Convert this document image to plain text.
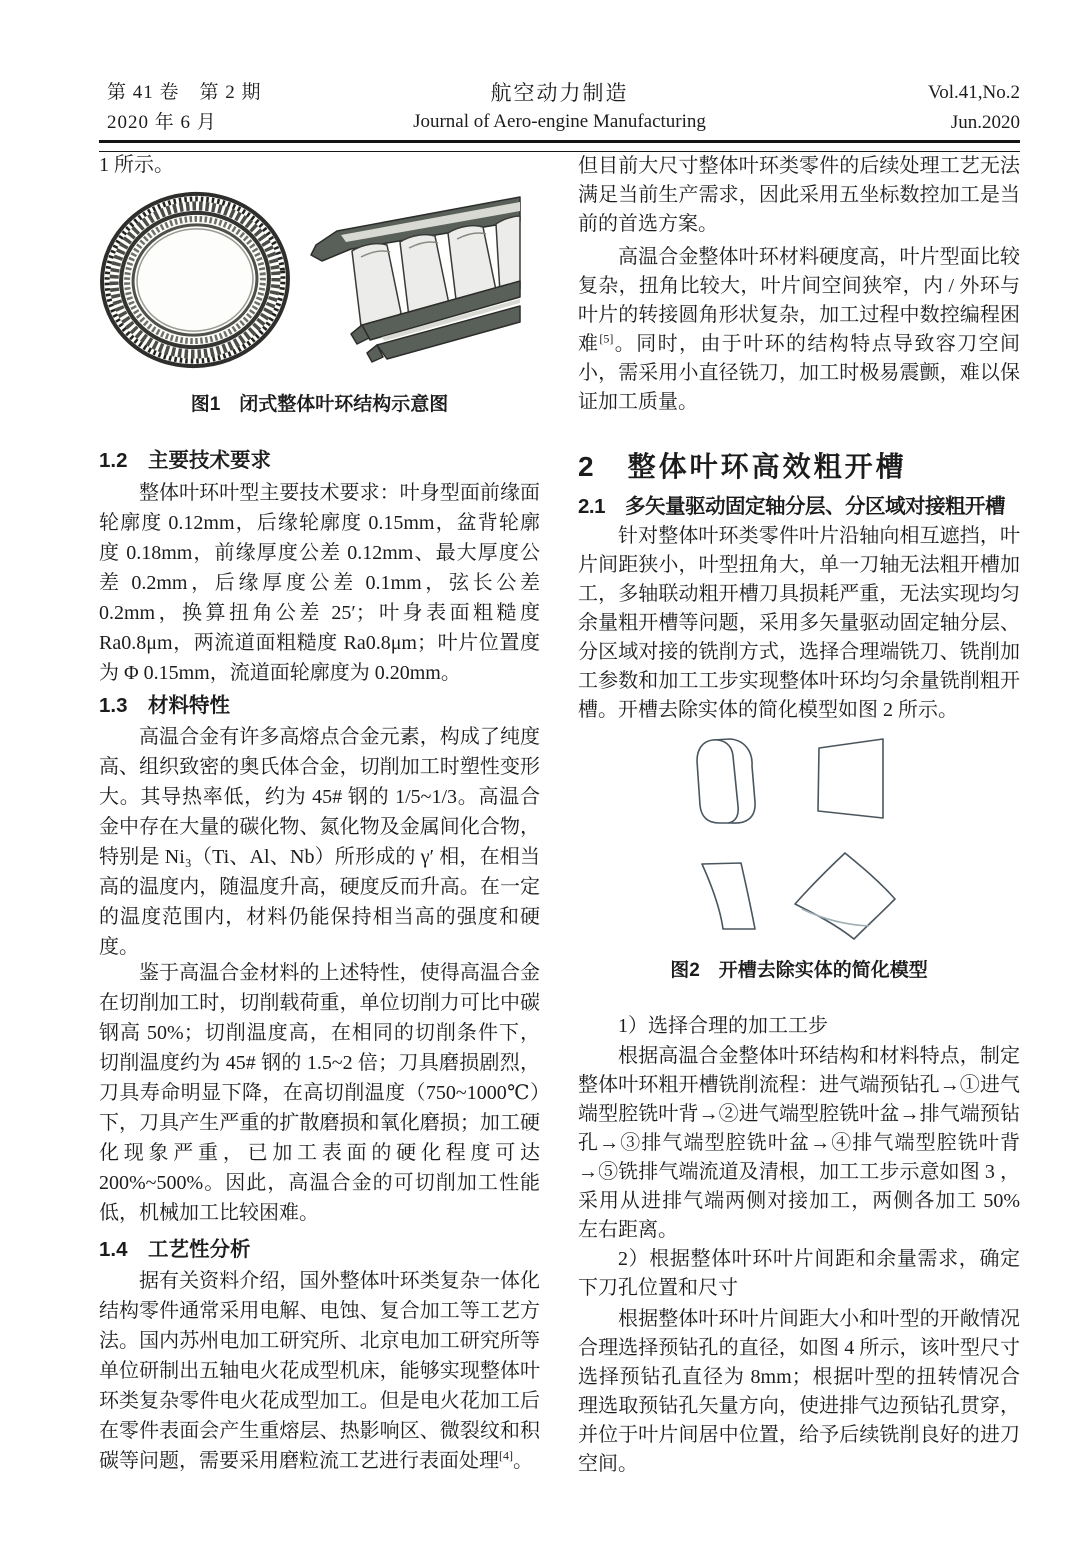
第 41 卷　第 2 期
2020 年 6 月
航空动力制造
Journal of Aero-engine Manufacturing
Vol.41,No.2
Jun.2020

1 所示。

图1　闭式整体叶环结构示意图

1.2　主要技术要求

整体叶环叶型主要技术要求：叶身型面前缘面轮廓度 0.12mm，后缘轮廓度 0.15mm，盆背轮廓度 0.18mm，前缘厚度公差 0.12mm、最大厚度公差 0.2mm，后缘厚度公差 0.1mm，弦长公差 0.2mm，换算扭角公差 25′；叶身表面粗糙度 Ra0.8μm，两流道面粗糙度 Ra0.8μm；叶片位置度为 Φ 0.15mm，流道面轮廓度为 0.20mm。

1.3　材料特性

高温合金有许多高熔点合金元素，构成了纯度高、组织致密的奥氏体合金，切削加工时塑性变形大。其导热率低，约为 45# 钢的 1/5~1/3。高温合金中存在大量的碳化物、氮化物及金属间化合物，特别是 Ni₃（Ti、Al、Nb）所形成的 γ′ 相，在相当高的温度内，随温度升高，硬度反而升高。在一定的温度范围内，材料仍能保持相当高的强度和硬度。

鉴于高温合金材料的上述特性，使得高温合金在切削加工时，切削载荷重，单位切削力可比中碳钢高 50%；切削温度高，在相同的切削条件下，切削温度约为 45# 钢的 1.5~2 倍；刀具磨损剧烈，刀具寿命明显下降，在高切削温度（750~1000℃）下，刀具产生严重的扩散磨损和氧化磨损；加工硬化现象严重，已加工表面的硬化程度可达 200%~500%。因此，高温合金的可切削加工性能低，机械加工比较困难。

1.4　工艺性分析

据有关资料介绍，国外整体叶环类复杂一体化结构零件通常采用电解、电蚀、复合加工等工艺方法。国内苏州电加工研究所、北京电加工研究所等单位研制出五轴电火花成型机床，能够实现整体叶环类复杂零件电火花成型加工。但是电火花加工后在零件表面会产生重熔层、热影响区、微裂纹和积碳等问题，需要采用磨粒流工艺进行表面处理[4]。

但目前大尺寸整体叶环类零件的后续处理工艺无法满足当前生产需求，因此采用五坐标数控加工是当前的首选方案。

高温合金整体叶环材料硬度高，叶片型面比较复杂，扭角比较大，叶片间空间狭窄，内 / 外环与叶片的转接圆角形状复杂，加工过程中数控编程困难[5]。同时，由于叶环的结构特点导致容刀空间小，需采用小直径铣刀，加工时极易震颤，难以保证加工质量。

2　整体叶环高效粗开槽
2.1　多矢量驱动固定轴分层、分区域对接粗开槽

针对整体叶环类零件叶片沿轴向相互遮挡，叶片间距狭小，叶型扭角大，单一刀轴无法粗开槽加工，多轴联动粗开槽刀具损耗严重，无法实现均匀余量粗开槽等问题，采用多矢量驱动固定轴分层、分区域对接的铣削方式，选择合理端铣刀、铣削加工参数和加工工步实现整体叶环均匀余量铣削粗开槽。开槽去除实体的简化模型如图 2 所示。

图2　开槽去除实体的简化模型

1）选择合理的加工工步

根据高温合金整体叶环结构和材料特点，制定整体叶环粗开槽铣削流程：进气端预钻孔→①进气端型腔铣叶背→②进气端型腔铣叶盆→排气端预钻孔→③排气端型腔铣叶盆→④排气端型腔铣叶背→⑤铣排气端流道及清根，加工工步示意如图 3 ，采用从进排气端两侧对接加工，两侧各加工 50% 左右距离。

2）根据整体叶环叶片间距和余量需求，确定下刀孔位置和尺寸

根据整体叶环叶片间距大小和叶型的开敞情况合理选择预钻孔的直径，如图 4 所示，该叶型尺寸选择预钻孔直径为 8mm；根据叶型的扭转情况合理选取预钻孔矢量方向，使进排气边预钻孔贯穿，并位于叶片间居中位置，给予后续铣削良好的进刀空间。
